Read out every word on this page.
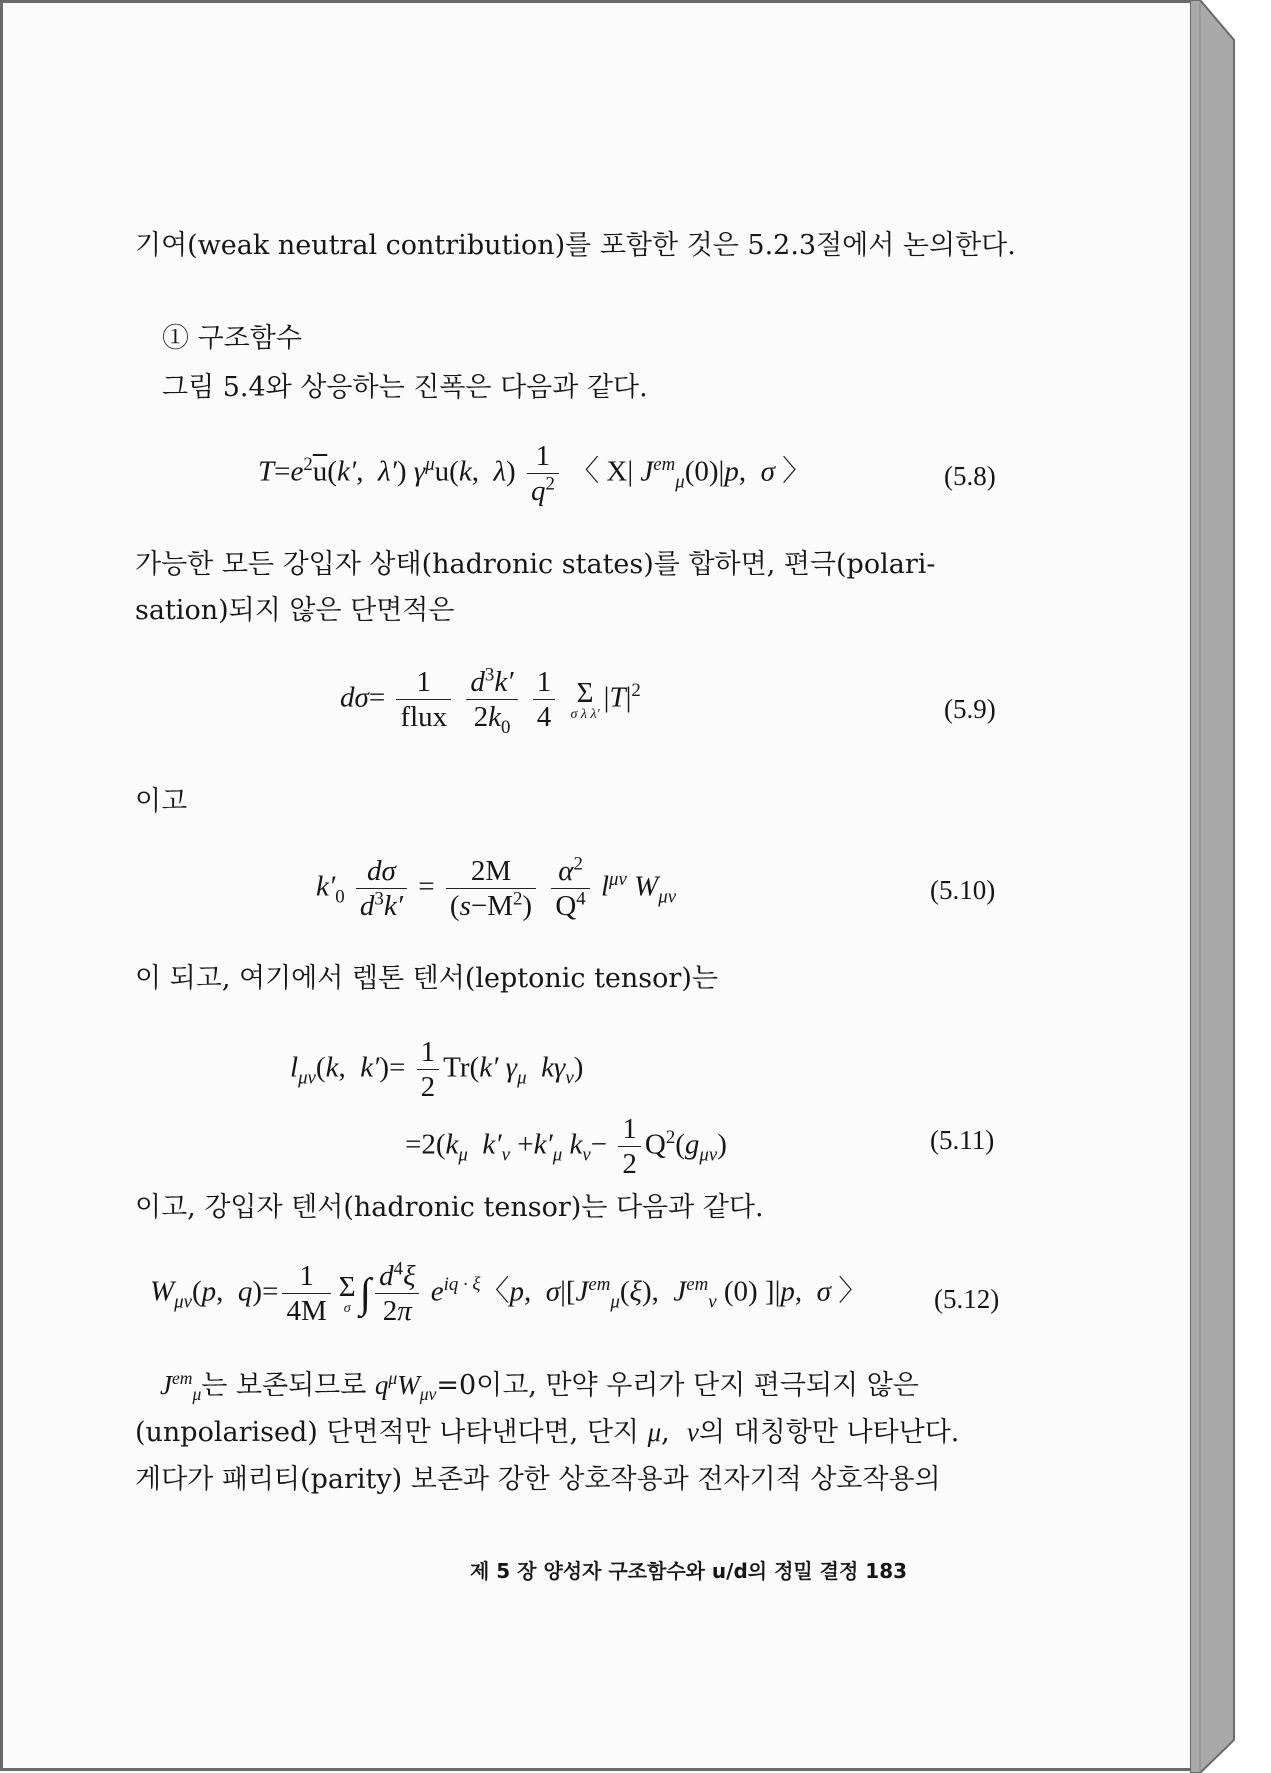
기여(weak neutral contribution)를 포함한 것은 5.2.3절에서 논의한다.
① 구조함수
그림 5.4와 상응하는 진폭은 다음과 같다.
$T=e^2\overline{u}(k'$,  λ′) $\gamma^\mu u(k$,  $\lambda) \frac{1}{q^2}$ 〈 X| $J^{em}_\mu(0)|p$,  σ 〉	(5.8)
가능한 모든 강입자 상태(hadronic states)를 합하면, 편극(polari-
sation)되지 않은 단면적은
$d\sigma= \frac{1}{\text{flux}}$
$\frac{d^3k'}{2k_0}$
$\frac{1}{4}$
Σ
σ λ λ′
$|T|^2$
(5.9)
이고
$k'_0 \frac{d\sigma}{d^3k'} = \frac{2M}{(s-M^2)}$
$\frac{\alpha^2}{Q^4} l^{\mu\nu}$ $W_{\mu\nu}$	(5.10)
이 되고, 여기에서 렙톤 텐서(leptonic tensor)는
$l_{\mu\nu}(k$,  $k')= \frac{1}{2} Tr(k'$ $\gamma_\mu$ $k\gamma_\nu$)
$=2(k_\mu$ $k'_\nu +k'_\mu$ $k_\nu- \frac{1}{2} Q^2(g_{\mu\nu})$	(5.11)
이고, 강입자 텐서(hadronic tensor)는 다음과 같다.
$W_{\mu\nu}(p$,  $q)= \frac{1}{4M}$ Σ
σ ∫ $\frac{d^4\xi}{2\pi} e^{iq \cdot \xi}$〈p,  $\sigma|[J^{em}_\mu(\xi)$,  $J^{em}_\nu$ (0) ]|p,  σ 〉 (5.12)
$J^{em}_\mu$는 보존되므로 $q^\mu W_{\mu\nu}=0$이고, 만약 우리가 단지 편극되지 않은
(unpolarised) 단면적만 나타낸다면, 단지 μ,  ν의 대칭항만 나타난다.
게다가 패리티(parity) 보존과 강한 상호작용과 전자기적 상호작용의
제 5 장 양성자 구조함수와 u/d의 정밀 결정 183
